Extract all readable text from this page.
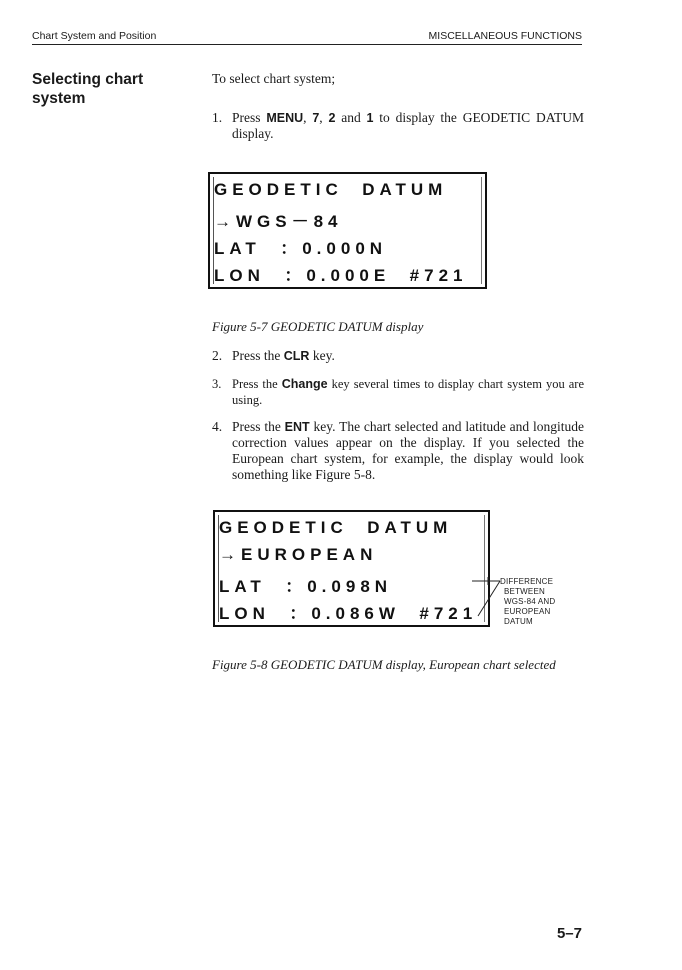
Chart System and Position	MISCELLANEOUS FUNCTIONS
Selecting chart system
To select chart system;
1. Press MENU, 7, 2 and 1 to display the GEODETIC DATUM display.
GEODETIC  DATUM
→WGS－84
LAT  ：0.000N
LON  ：0.000E  #721
Figure 5-7 GEODETIC DATUM display
2. Press the CLR key.
3. Press the Change key several times to display chart system you are using.
4. Press the ENT key. The chart selected and latitude and longitude correction values appear on the display. If you selected the European chart system, for example, the display would look something like Figure 5-8.
GEODETIC  DATUM
→EUROPEAN
LAT  ：0.098N
LON  ：0.086W  #721
DIFFERENCE
BETWEEN
WGS-84 AND
EUROPEAN
DATUM
Figure 5-8 GEODETIC DATUM display, European chart selected
5–7
